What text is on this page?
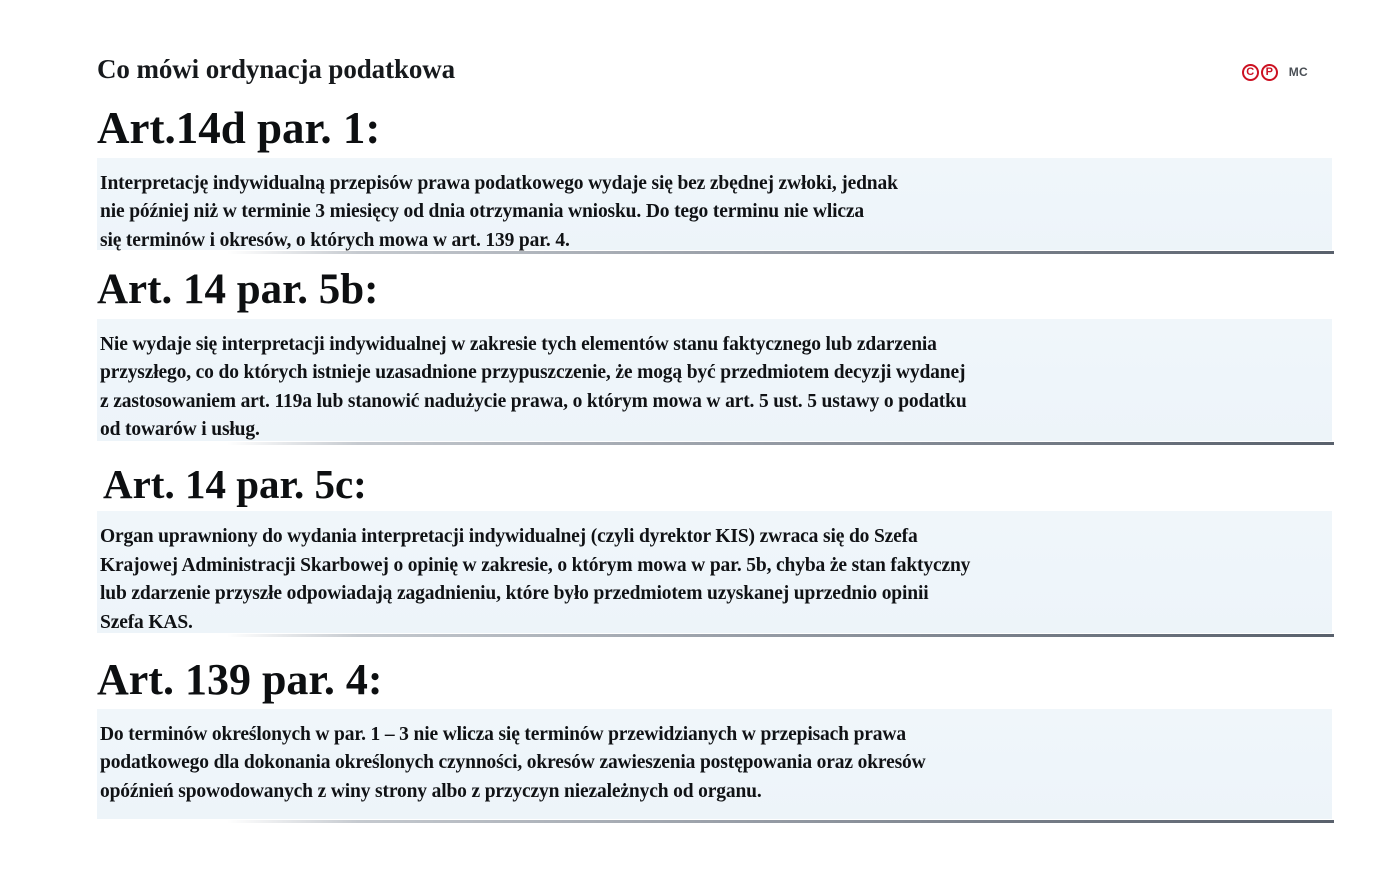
Co mówi ordynacja podatkowa	C	P	MC
Art.14d par. 1:

Interpretację indywidualną przepisów prawa podatkowego wydaje się bez zbędnej zwłoki, jednak

nie później niż w terminie 3 miesięcy od dnia otrzymania wniosku. Do tego terminu nie wlicza

się terminów i okresów, o których mowa w art. 139 par. 4.

Art. 14 par. 5b:

Nie wydaje się interpretacji indywidualnej w zakresie tych elementów stanu faktycznego lub zdarzenia

przyszłego, co do których istnieje uzasadnione przypuszczenie, że mogą być przedmiotem decyzji wydanej

z zastosowaniem art. 119a lub stanowić nadużycie prawa, o którym mowa w art. 5 ust. 5 ustawy o podatku

od towarów i usług.

Art. 14 par. 5c:

Organ uprawniony do wydania interpretacji indywidualnej (czyli dyrektor KIS) zwraca się do Szefa

Krajowej Administracji Skarbowej o opinię w zakresie, o którym mowa w par. 5b, chyba że stan faktyczny

lub zdarzenie przyszłe odpowiadają zagadnieniu, które było przedmiotem uzyskanej uprzednio opinii

Szefa KAS.

Art. 139 par. 4:

Do terminów określonych w par. 1 – 3 nie wlicza się terminów przewidzianych w przepisach prawa

podatkowego dla dokonania określonych czynności, okresów zawieszenia postępowania oraz okresów

opóźnień spowodowanych z winy strony albo z przyczyn niezależnych od organu.
